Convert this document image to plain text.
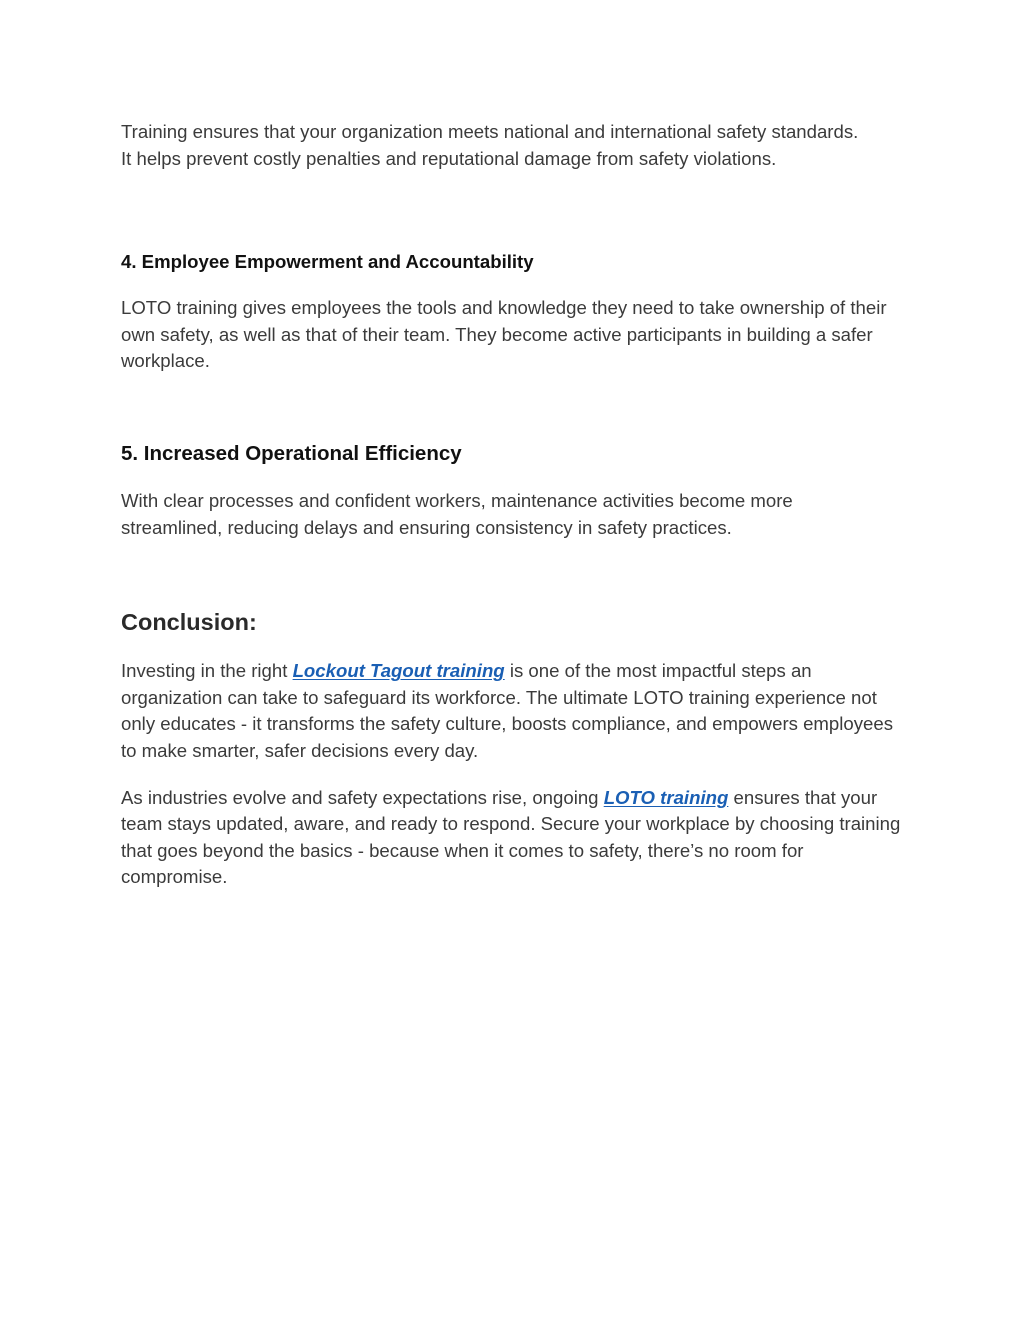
Training ensures that your organization meets national and international safety standards. It helps prevent costly penalties and reputational damage from safety violations.

4. Employee Empowerment and Accountability

LOTO training gives employees the tools and knowledge they need to take ownership of their own safety, as well as that of their team. They become active participants in building a safer workplace.

5. Increased Operational Efficiency

With clear processes and confident workers, maintenance activities become more streamlined, reducing delays and ensuring consistency in safety practices.

Conclusion:

Investing in the right Lockout Tagout training is one of the most impactful steps an organization can take to safeguard its workforce. The ultimate LOTO training experience not only educates - it transforms the safety culture, boosts compliance, and empowers employees to make smarter, safer decisions every day.

As industries evolve and safety expectations rise, ongoing LOTO training ensures that your team stays updated, aware, and ready to respond. Secure your workplace by choosing training that goes beyond the basics - because when it comes to safety, there’s no room for compromise.
